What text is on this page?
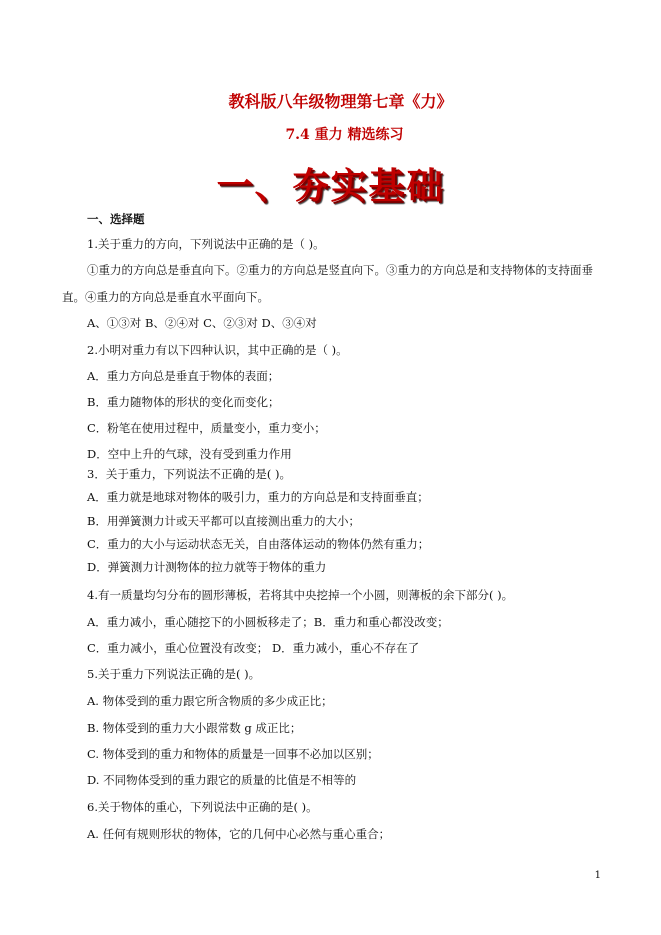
教科版八年级物理第七章《力》
7.4 重力 精选练习
一、夯实基础
一、选择题
1.关于重力的方向，下列说法中正确的是（ )。
①重力的方向总是垂直向下。②重力的方向总是竖直向下。③重力的方向总是和支持物体的支持面垂
直。④重力的方向总是垂直水平面向下。
A、①③对 B、②④对 C、②③对 D、③④对
2.小明对重力有以下四种认识，其中正确的是（ )。
A．重力方向总是垂直于物体的表面；
B．重力随物体的形状的变化而变化；
C．粉笔在使用过程中，质量变小，重力变小；
D．空中上升的气球，没有受到重力作用
3．关于重力，下列说法不正确的是( )。
A．重力就是地球对物体的吸引力，重力的方向总是和支持面垂直；
B．用弹簧测力计或天平都可以直接测出重力的大小；
C．重力的大小与运动状态无关，自由落体运动的物体仍然有重力；
D．弹簧测力计测物体的拉力就等于物体的重力
4.有一质量均匀分布的圆形薄板，若将其中央挖掉一个小圆，则薄板的余下部分( )。
A．重力减小，重心随挖下的小圆板移走了；B．重力和重心都没改变；
C．重力减小，重心位置没有改变； D．重力减小，重心不存在了
5.关于重力下列说法正确的是( )。
A. 物体受到的重力跟它所含物质的多少成正比；
B. 物体受到的重力大小跟常数 g 成正比；
C. 物体受到的重力和物体的质量是一回事不必加以区别；
D. 不同物体受到的重力跟它的质量的比值是不相等的
6.关于物体的重心，下列说法中正确的是( )。
A. 任何有规则形状的物体，它的几何中心必然与重心重合；
1
